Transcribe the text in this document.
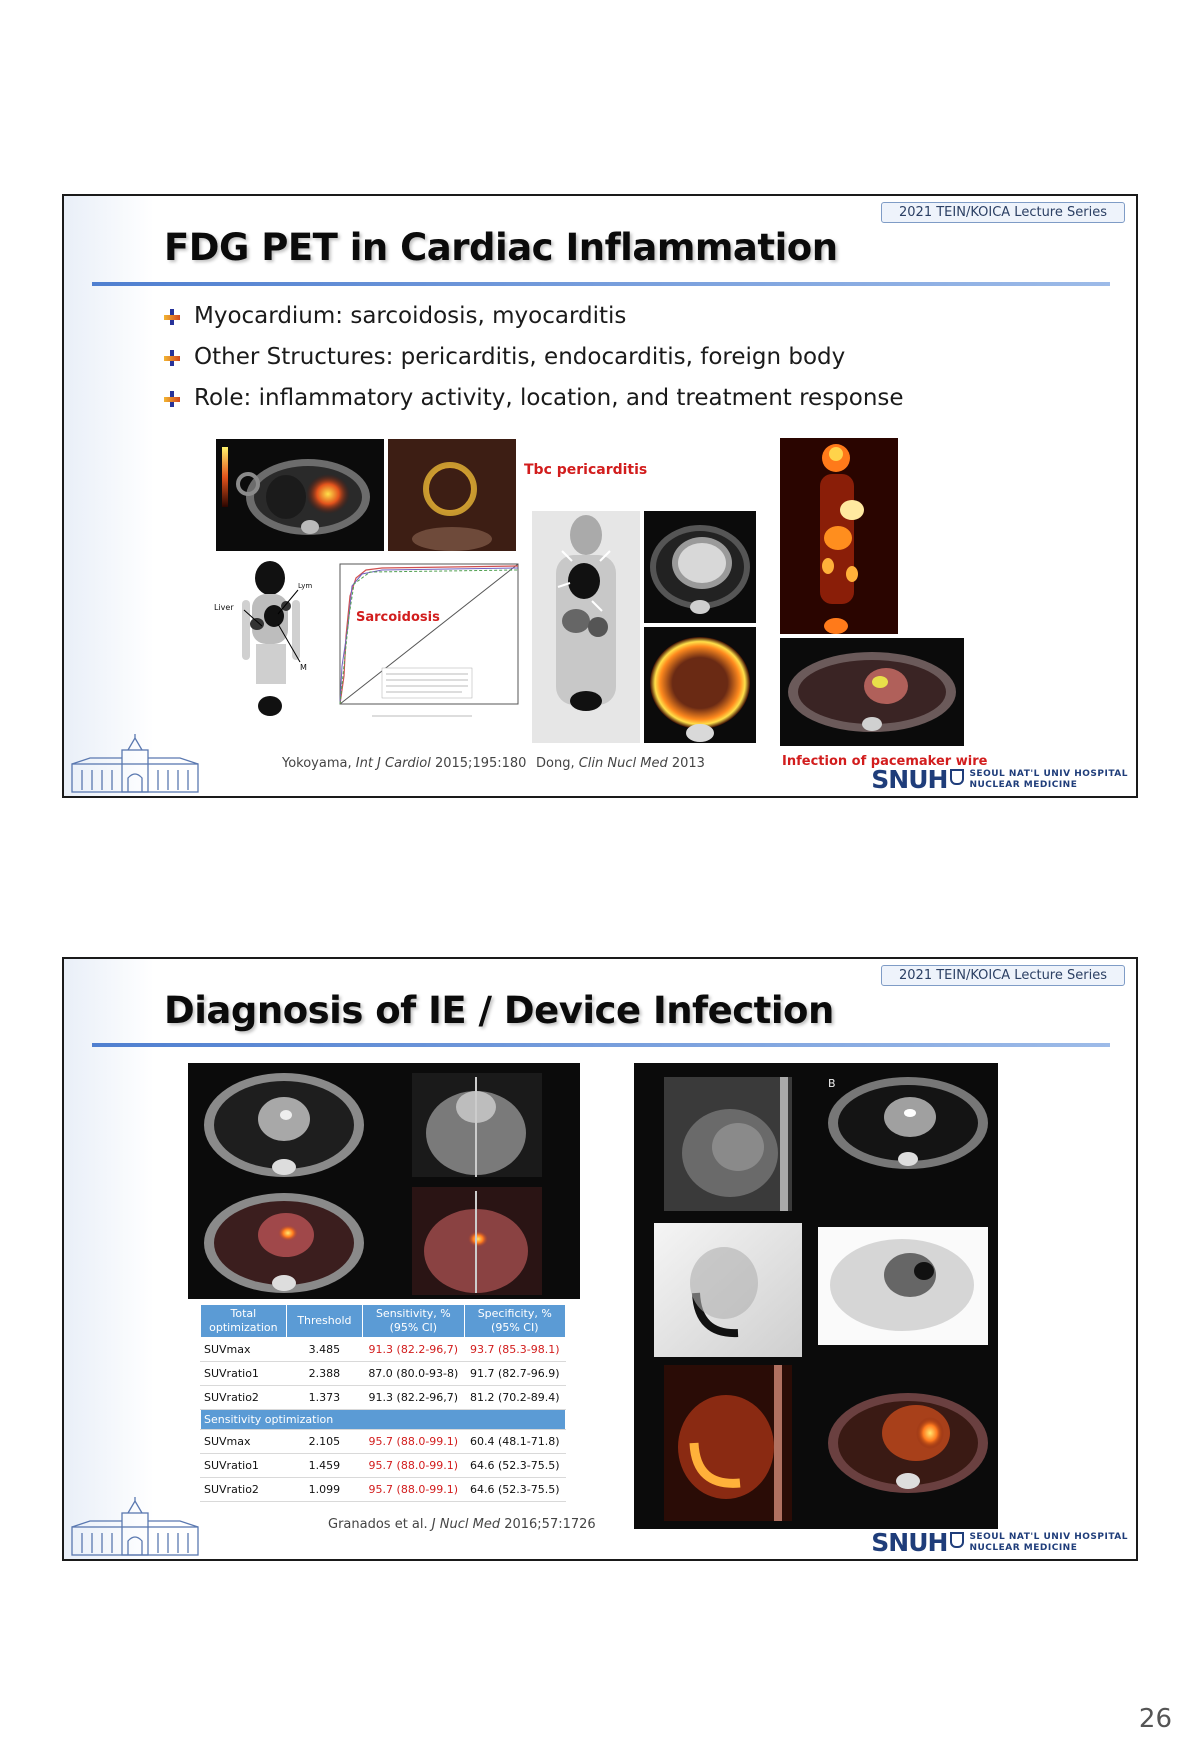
2021 TEIN/KOICA Lecture Series
FDG PET in Cardiac Inflammation
Myocardium: sarcoidosis, myocarditis
Other Structures: pericarditis, endocarditis, foreign body
Role: inflammatory activity, location, and treatment response
Liver
Lym
M
Sarcoidosis
Yokoyama, Int J Cardiol 2015;195:180
Tbc pericarditis
Dong, Clin Nucl Med 2013	Infection of pacemaker wire
SNUH SEOUL NAT'L UNIV HOSPITAL
NUCLEAR MEDICINE
2021 TEIN/KOICA Lecture Series
Diagnosis of IE / Device Infection
Total optimization	Threshold	Sensitivity, % (95% CI)	Specificity, % (95% CI)
SUVmax	3.485	91.3 (82.2-96,7)	93.7 (85.3-98.1)
SUVratio1	2.388	87.0 (80.0-93-8)	91.7 (82.7-96.9)
SUVratio2	1.373	91.3 (82.2-96,7)	81.2 (70.2-89.4)
Sensitivity optimization			
SUVmax	2.105	95.7 (88.0-99.1)	60.4 (48.1-71.8)
SUVratio1	1.459	95.7 (88.0-99.1)	64.6 (52.3-75.5)
SUVratio2	1.099	95.7 (88.0-99.1)	64.6 (52.3-75.5)
Granados et al. J Nucl Med 2016;57:1726
B
SNUH SEOUL NAT'L UNIV HOSPITAL
NUCLEAR MEDICINE
26
